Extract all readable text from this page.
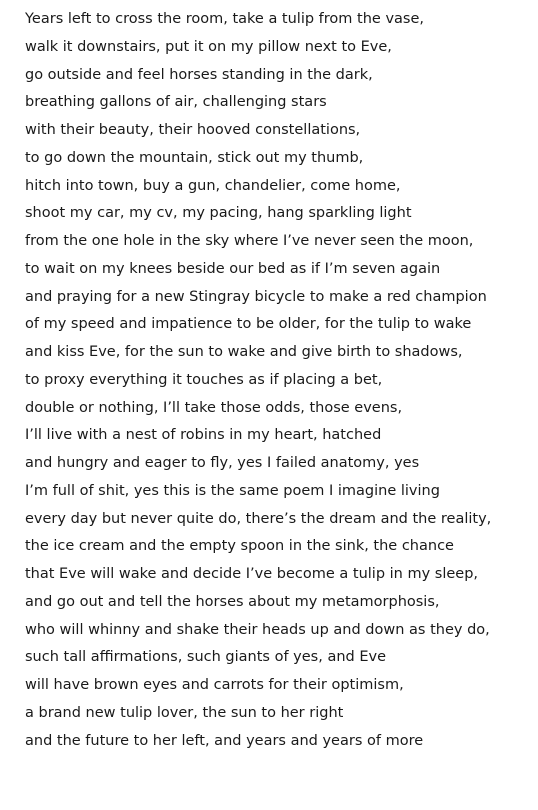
Years left to cross the room, take a tulip from the vase,
walk it downstairs, put it on my pillow next to Eve,
go outside and feel horses standing in the dark,
breathing gallons of air, challenging stars
with their beauty, their hooved constellations,
to go down the mountain, stick out my thumb,
hitch into town, buy a gun, chandelier, come home,
shoot my car, my cv, my pacing, hang sparkling light
from the one hole in the sky where I’ve never seen the moon,
to wait on my knees beside our bed as if I’m seven again
and praying for a new Stingray bicycle to make a red champion
of my speed and impatience to be older, for the tulip to wake
and kiss Eve, for the sun to wake and give birth to shadows,
to proxy everything it touches as if placing a bet,
double or nothing, I’ll take those odds, those evens,
I’ll live with a nest of robins in my heart, hatched
and hungry and eager to fly, yes I failed anatomy, yes
I’m full of shit, yes this is the same poem I imagine living
every day but never quite do, there’s the dream and the reality,
the ice cream and the empty spoon in the sink, the chance
that Eve will wake and decide I’ve become a tulip in my sleep,
and go out and tell the horses about my metamorphosis,
who will whinny and shake their heads up and down as they do,
such tall affirmations, such giants of yes, and Eve
will have brown eyes and carrots for their optimism,
a brand new tulip lover, the sun to her right
and the future to her left, and years and years of more
